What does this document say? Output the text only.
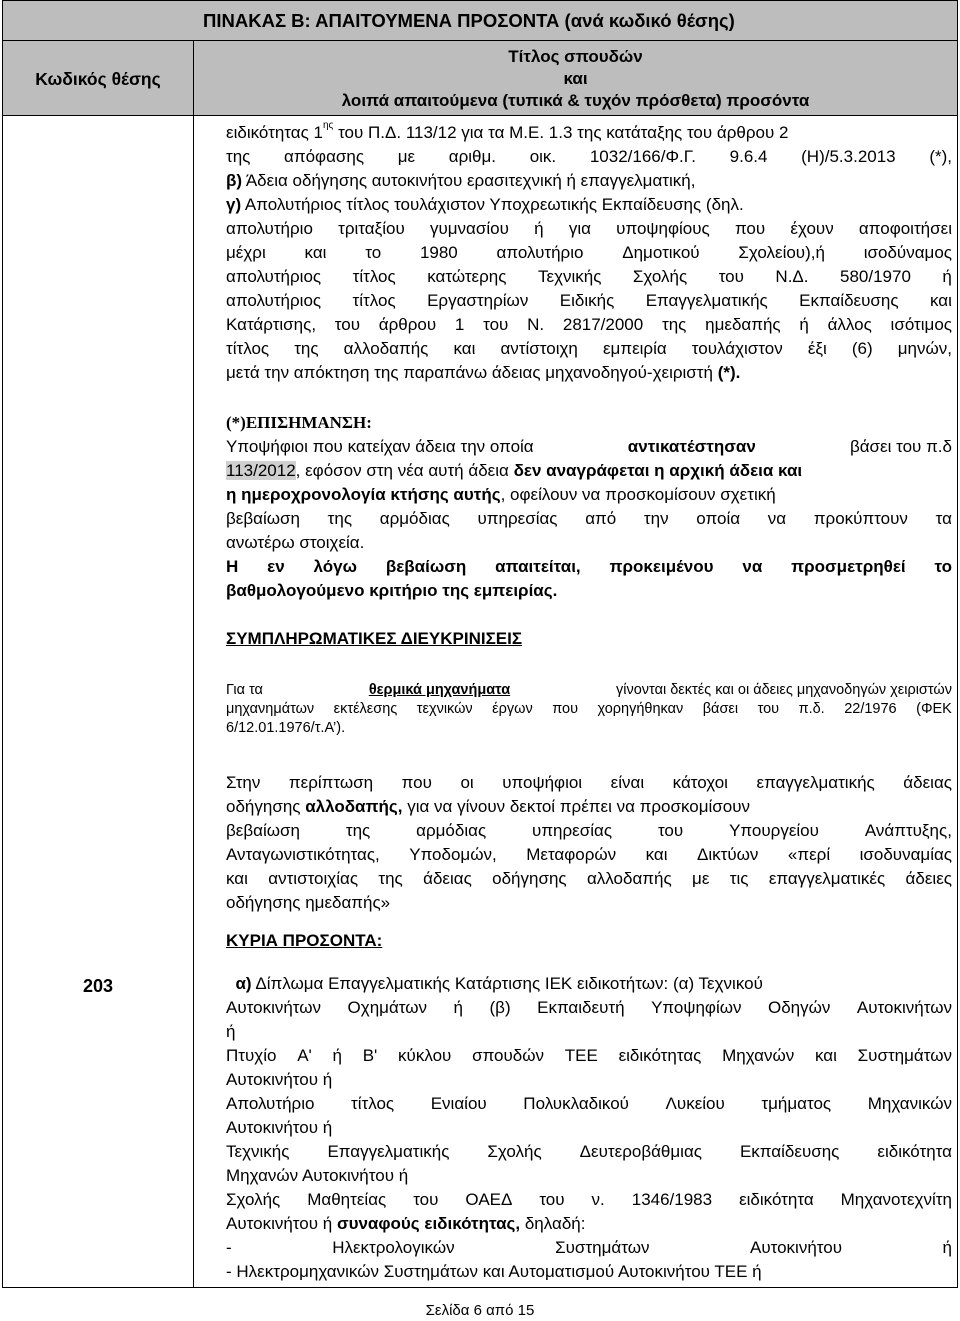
ΠΙΝΑΚΑΣ Β: ΑΠΑΙΤΟΥΜΕΝΑ ΠΡΟΣΟΝΤΑ (ανά κωδικό θέσης)
Κωδικός θέσης
Τίτλος σπουδών
και
λοιπά απαιτούμενα (τυπικά & τυχόν πρόσθετα) προσόντα
203
ειδικότητας $1^{\eta\varsigma}$ του Π.Δ. 113/12 για τα Μ.Ε. 1.3 της κατάταξης του άρθρου 2
της απόφασης με αριθμ. οικ. 1032/166/Φ.Γ. 9.6.4 (Η)/5.3.2013 (*),
β) Άδεια οδήγησης αυτοκινήτου ερασιτεχνική ή επαγγελματική,
γ) Απολυτήριος τίτλος τουλάχιστον Υποχρεωτικής Εκπαίδευσης (δηλ.
απολυτήριο τριταξίου γυμνασίου ή για υποψηφίους που έχουν αποφοιτήσει
μέχρι και το 1980 απολυτήριο Δημοτικού Σχολείου),ή ισοδύναμος
απολυτήριος τίτλος κατώτερης Τεχνικής Σχολής του Ν.Δ. 580/1970 ή
απολυτήριος τίτλος Εργαστηρίων Ειδικής Επαγγελματικής Εκπαίδευσης και
Κατάρτισης, του άρθρου 1 του Ν. 2817/2000 της ημεδαπής ή άλλος ισότιμος
τίτλος της αλλοδαπής και αντίστοιχη εμπειρία τουλάχιστον έξι (6) μηνών,
μετά την απόκτηση της παραπάνω άδειας μηχανοδηγού-χειριστή (*).
(*)ΕΠΙΣΗΜΑΝΣΗ:
Υποψήφιοι που κατείχαν άδεια την οποία	αντικατέστησαν	βάσει του π.δ
113/2012, εφόσον στη νέα αυτή άδεια δεν αναγράφεται η αρχική άδεια και
η ημερoχρονολογία κτήσης αυτής, οφείλουν να προσκομίσουν σχετική
βεβαίωση της αρμόδιας υπηρεσίας από την οποία να προκύπτουν τα
ανωτέρω στοιχεία.
Η εν λόγω βεβαίωση απαιτείται, προκειμένου να προσμετρηθεί το
βαθμολογούμενο κριτήριο της εμπειρίας.
ΣΥΜΠΛΗΡΩΜΑΤΙΚΕΣ ΔΙΕΥΚΡΙΝΙΣΕΙΣ
Για τα	θερμικά μηχανήματα	γίνονται δεκτές και οι άδειες μηχανοδηγών χειριστών
μηχανημάτων εκτέλεσης τεχνικών έργων που χορηγήθηκαν βάσει του π.δ. 22/1976 (ΦΕΚ
6/12.01.1976/τ.Α’).
Στην περίπτωση που οι υποψήφιοι είναι κάτοχοι επαγγελματικής άδειας
οδήγησης αλλοδαπής, για να γίνουν δεκτοί πρέπει να προσκομίσουν
βεβαίωση	της	αρμόδιας	υπηρεσίας	του	Υπουργείου	Ανάπτυξης,
Ανταγωνιστικότητας, Υποδομών, Μεταφορών και Δικτύων «περί ισοδυναμίας
και αντιστοιχίας της άδειας οδήγησης αλλοδαπής με τις επαγγελματικές άδειες
οδήγησης ημεδαπής»
ΚΥΡΙΑ ΠΡΟΣΟΝΤΑ:
α) Δίπλωμα Επαγγελματικής Κατάρτισης ΙΕΚ ειδικοτήτων: (α) Τεχνικού
Αυτοκινήτων Οχημάτων ή (β) Εκπαιδευτή Υποψηφίων Οδηγών Αυτοκινήτων
ή
Πτυχίο Α' ή Β' κύκλου σπουδών ΤΕΕ ειδικότητας Μηχανών και Συστημάτων
Αυτοκινήτου ή
Απολυτήριο τίτλος Ενιαίου Πολυκλαδικού Λυκείου τμήματος Μηχανικών
Αυτοκινήτου ή
Τεχνικής Επαγγελματικής Σχολής Δευτεροβάθμιας Εκπαίδευσης ειδικότητα
Μηχανών Αυτοκινήτου ή
Σχολής Μαθητείας του ΟΑΕΔ του ν. 1346/1983 ειδικότητα Μηχανοτεχνίτη
Αυτοκινήτου ή συναφούς ειδικότητας, δηλαδή:
-	Ηλεκτρολογικών	Συστημάτων	Αυτοκινήτου	ή
- Ηλεκτρομηχανικών Συστημάτων και Αυτοματισμού Αυτοκινήτου ΤΕΕ ή
Σελίδα 6 από 15
